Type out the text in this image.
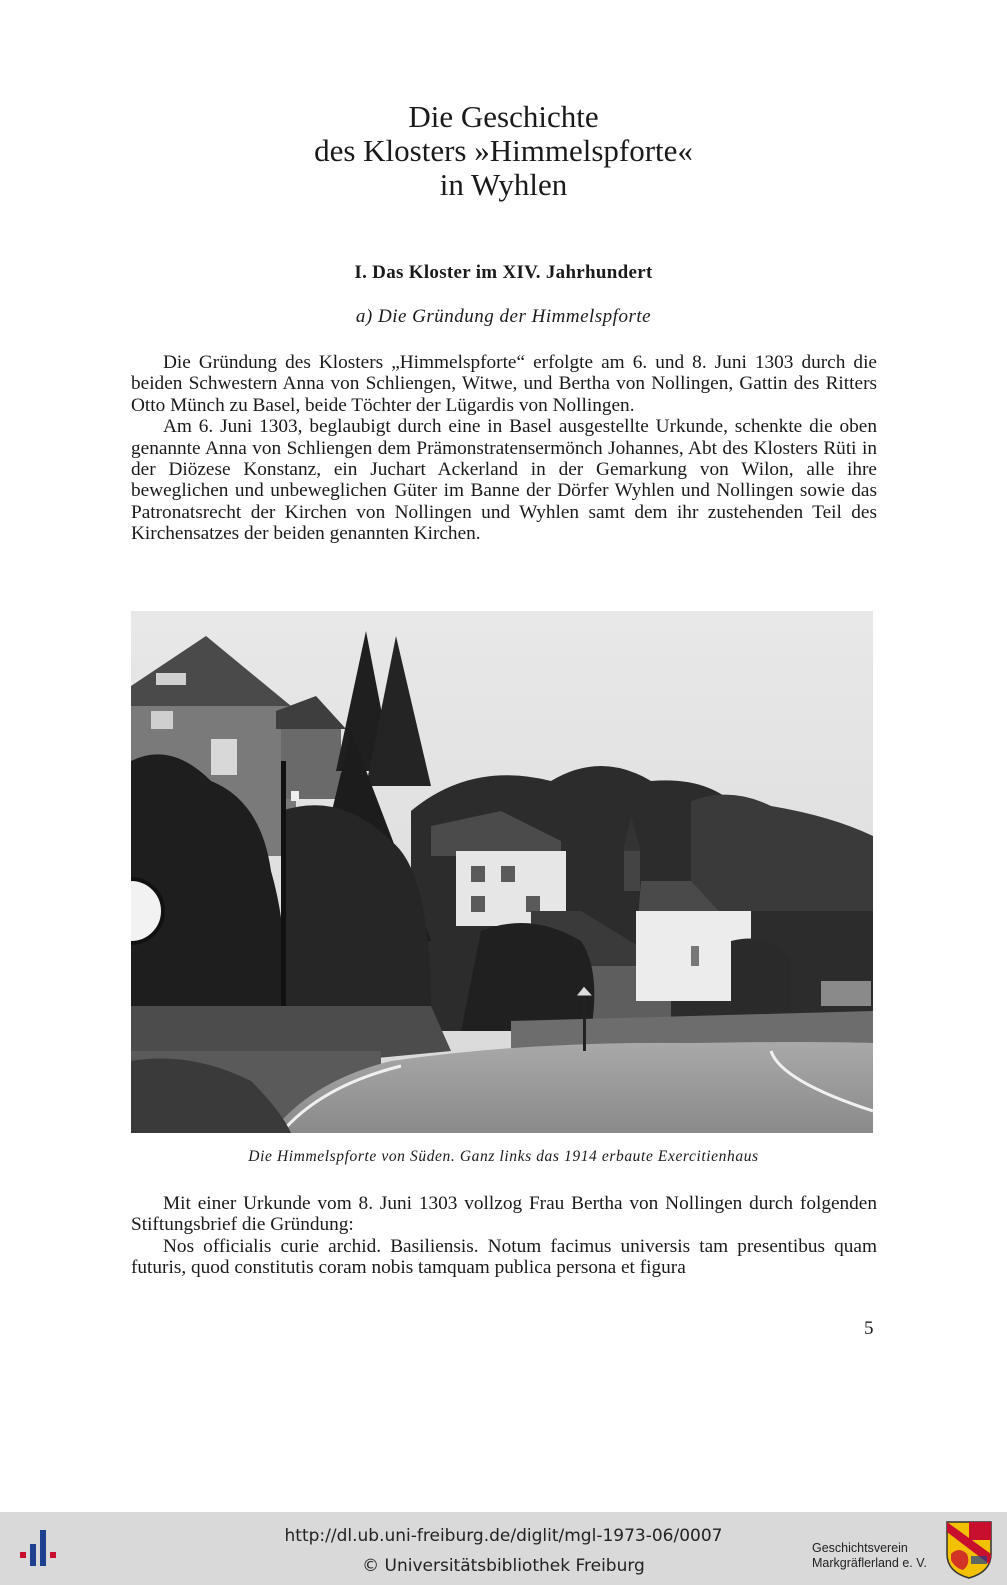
Die Geschichte
des Klosters »Himmelspforte«
in Wyhlen
I. Das Kloster im XIV. Jahrhundert
a) Die Gründung der Himmelspforte

Die Gründung des Klosters „Himmelspforte“ erfolgte am 6. und 8. Juni 1303 durch die beiden Schwestern Anna von Schliengen, Witwe, und Bertha von Nollingen, Gattin des Ritters Otto Münch zu Basel, beide Töchter der Lügardis von Nollingen.

Am 6. Juni 1303, beglaubigt durch eine in Basel ausgestellte Urkunde, schenkte die oben genannte Anna von Schliengen dem Prämonstratensermönch Johannes, Abt des Klosters Rüti in der Diözese Konstanz, ein Juchart Ackerland in der Gemarkung von Wilon, alle ihre beweglichen und unbeweglichen Güter im Banne der Dörfer Wyhlen und Nollingen sowie das Patronatsrecht der Kirchen von Nollingen und Wyhlen samt dem ihr zustehenden Teil des Kirchensatzes der beiden genannten Kirchen.

Die Himmelspforte von Süden. Ganz links das 1914 erbaute Exercitienhaus

Mit einer Urkunde vom 8. Juni 1303 vollzog Frau Bertha von Nollingen durch folgenden Stiftungsbrief die Gründung:

Nos officialis curie archid. Basiliensis. Notum facimus universis tam presentibus quam futuris, quod constitutis coram nobis tamquam publica persona et figura

5
http://dl.ub.uni-freiburg.de/diglit/mgl-1973-06/0007
© Universitätsbibliothek Freiburg
Geschichtsverein
Markgräflerland e. V.
